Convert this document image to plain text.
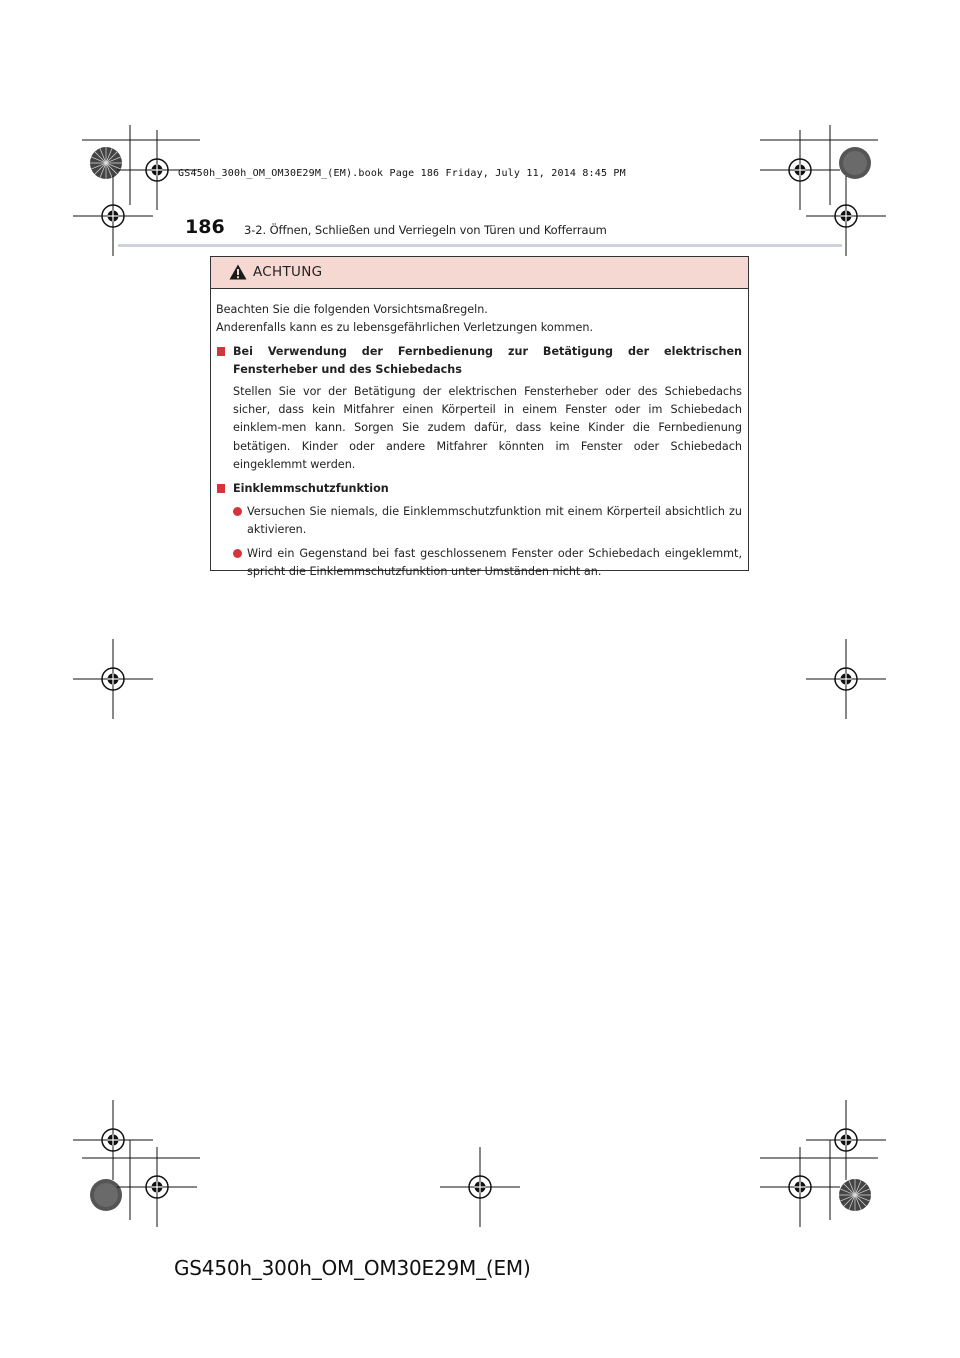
GS450h_300h_OM_OM30E29M_(EM).book Page 186 Friday, July 11, 2014 8:45 PM
186 3-2. Öffnen, Schließen und Verriegeln von Türen und Kofferraum
ACHTUNG
Beachten Sie die folgenden Vorsichtsmaßregeln.
Anderenfalls kann es zu lebensgefährlichen Verletzungen kommen.
Bei Verwendung der Fernbedienung zur Betätigung der elektrischen Fensterheber und des Schiebedachs
Stellen Sie vor der Betätigung der elektrischen Fensterheber oder des Schiebedachs sicher, dass kein Mitfahrer einen Körperteil in einem Fenster oder im Schiebedach einklem-men kann. Sorgen Sie zudem dafür, dass keine Kinder die Fernbedienung betätigen. Kinder oder andere Mitfahrer könnten im Fenster oder Schiebedach eingeklemmt werden.
Einklemmschutzfunktion
Versuchen Sie niemals, die Einklemmschutzfunktion mit einem Körperteil absichtlich zu aktivieren.
Wird ein Gegenstand bei fast geschlossenem Fenster oder Schiebedach eingeklemmt, spricht die Einklemmschutzfunktion unter Umständen nicht an.
GS450h_300h_OM_OM30E29M_(EM)
